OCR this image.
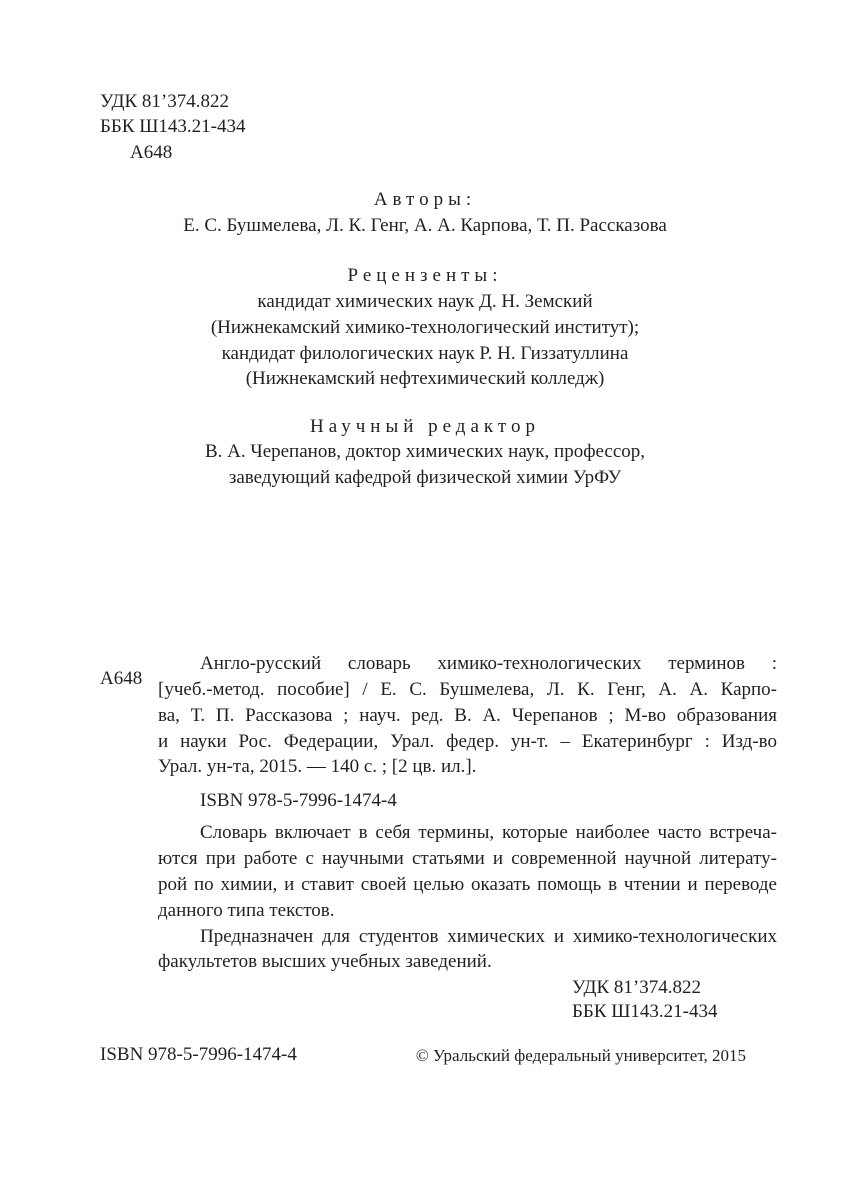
УДК 81’374.822
ББК Ш143.21-434
А648
Авторы:
Е. С. Бушмелева, Л. К. Генг, А. А. Карпова, Т. П. Рассказова
Рецензенты:
кандидат химических наук Д. Н. Земский
(Нижнекамский химико-технологический институт);
кандидат филологических наук Р. Н. Гиззатуллина
(Нижнекамский нефтехимический колледж)
Научный редактор
В. А. Черепанов, доктор химических наук, профессор,
заведующий кафедрой физической химии УрФУ
А648
Англо-русский словарь химико-технологических терминов :
[учеб.-метод. пособие] / Е. С. Бушмелева, Л. К. Генг, А. А. Карпо-
ва, Т. П. Рассказова ; науч. ред. В. А. Черепанов ; М-во образования
и науки Рос. Федерации, Урал. федер. ун-т. – Екатеринбург : Изд-во
Урал. ун-та, 2015. — 140 с. ; [2 цв. ил.].
ISBN 978-5-7996-1474-4
Словарь включает в себя термины, которые наиболее часто встреча-
ются при работе с научными статьями и современной научной литерату-
рой по химии, и ставит своей целью оказать помощь в чтении и переводе
данного типа текстов.
Предназначен для студентов химических и химико-технологических
факультетов высших учебных заведений.
УДК 81’374.822
ББК Ш143.21-434
ISBN 978-5-7996-1474-4	© Уральский федеральный университет, 2015
